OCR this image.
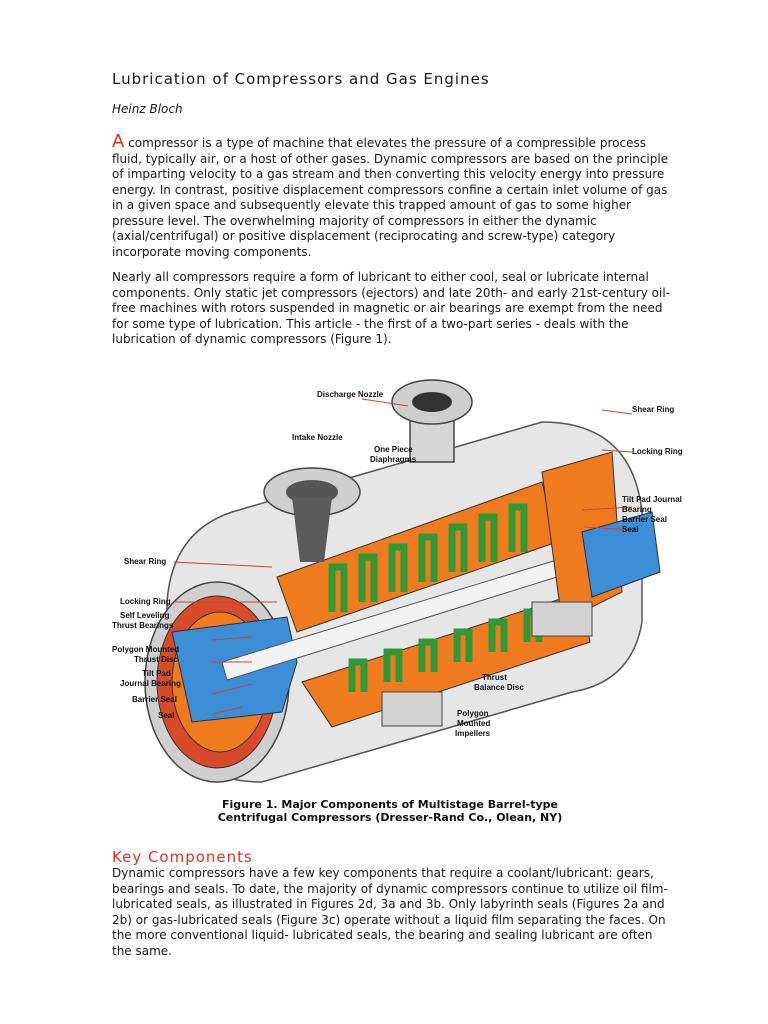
Lubrication of Compressors and Gas Engines
Heinz Bloch

A compressor is a type of machine that elevates the pressure of a compressible process fluid, typically air, or a host of other gases. Dynamic compressors are based on the principle of imparting velocity to a gas stream and then converting this velocity energy into pressure energy. In contrast, positive displacement compressors confine a certain inlet volume of gas in a given space and subsequently elevate this trapped amount of gas to some higher pressure level. The overwhelming majority of compressors in either the dynamic (axial/centrifugal) or positive displacement (reciprocating and screw-type) category incorporate moving components.

Nearly all compressors require a form of lubricant to either cool, seal or lubricate internal components. Only static jet compressors (ejectors) and late 20th- and early 21st-century oil-free machines with rotors suspended in magnetic or air bearings are exempt from the need for some type of lubrication. This article - the first of a two-part series - deals with the lubrication of dynamic compressors (Figure 1).

Discharge Nozzle
Intake Nozzle
One Piece
Diaphragms
Shear Ring
Locking Ring
Tilt Pad Journal
Bearing
Barrier Seal
Seal
Shear Ring
Locking Ring
Self Leveling
Thrust Bearings
Polygon Mounted
Thrust Disc
Tilt Pad
Journal Bearing
Barrier Seal
Seal
Thrust
Balance Disc
Polygon
Mounted
Impellers
Figure 1. Major Components of Multistage Barrel-type
Centrifugal Compressors (Dresser-Rand Co., Olean, NY)
Key Components

Dynamic compressors have a few key components that require a coolant/lubricant: gears, bearings and seals. To date, the majority of dynamic compressors continue to utilize oil film-lubricated seals, as illustrated in Figures 2d, 3a and 3b. Only labyrinth seals (Figures 2a and 2b) or gas-lubricated seals (Figure 3c) operate without a liquid film separating the faces. On the more conventional liquid- lubricated seals, the bearing and sealing lubricant are often the same.
